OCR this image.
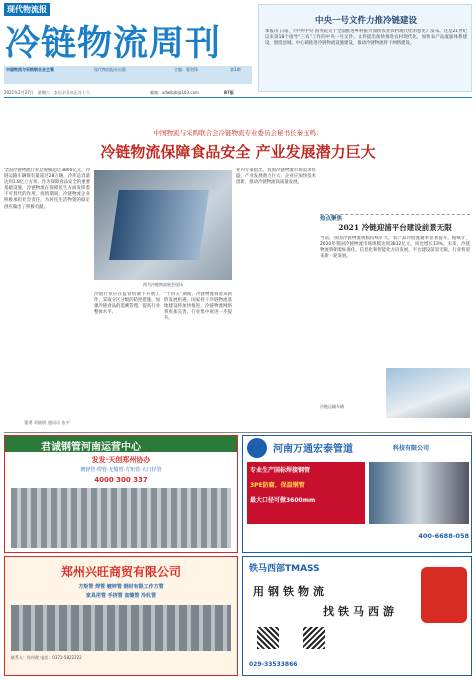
现代物流报
冷链物流周刊
中国物流与采购联合会主管	现代物流报社出版	主编：曹剑锋	第1期
2021年2月27日　星期六　农历辛丑年正月十六	邮箱：xdwlbjb@163.com	B7版
中央一号文件力推冷链建设
本报讯 日前，《中共中央 国务院关于全面推进乡村振兴加快农业农村现代化的意见》发布。这是21世纪以来第18个指导“三农”工作的中央一号文件。文件提出加快推进农村现代化，加快农产品流通体系建设，围绕县城、中心镇推进冷链物流设施建设，推动冷链物流骨干网络建设。
中国物流与采购联合会冷链物流专业委员会秘书长秦玉鸣：
冷链物流保障食品安全 产业发展潜力巨大
全国冷链物流行业总规模超过3800亿元，冷链运输车辆保有量超过28万辆，冷库总容量达到1.8亿立方米。作为保障食品安全的重要基础设施，冷链物流在保障民生方面发挥着不可替代的作用。疫情期间，冷链物流企业积极承担社会责任，为居民生活物资的稳定供应做出了积极贡献。
董勇 刘晓明 通讯员 张平
图为冷链物流展会现场
冷链行业应在监管机制下开展工作，采取分区分级的防控措施，加强冷链食品的追溯管理，提高行业整体水平。
“十四五”期间，冷链物流将迎来新的发展机遇。国家骨干冷链物流基地建设将加快推进，冷链物流网络将更加完善，行业集中度进一步提升。
业内专家指出，我国冷链物流市场需求旺盛，产业发展潜力巨大，企业应加快技术创新，推动冷链物流高质量发展。
热点聚焦
2021 冷链迎浦平台建设前景无限
当前，我国冷链物流规模持续扩大，农产品冷链流通率显著提升。据统计，2020年我国冷链物流市场规模达到3832亿元，同比增长13%。未来，冷链物流将朝着标准化、信息化和智能化方向发展，平台建设前景无限，行业将迎来新一轮发展。
冷链运输车辆
君诚钢管河南运营中心
发发·天创郑州协办
镀锌管·焊管·无缝管·方矩管·大口径管
4000 300 337
河南万通宏泰管道	科技有限公司
专业生产国标焊接钢管
3PE防腐、保温钢管
最大口径可做3600mm
400-6688-058
郑州兴旺商贸有限公司
方矩管 焊管 镀锌管 钢材有限工作方管
家具用管 手挤管 直缝管 冷轧管
联系人：杜经理 电话：0371-5822222
铁马西部TMASS
用钢铁物流
找铁马西游
029-33533866
